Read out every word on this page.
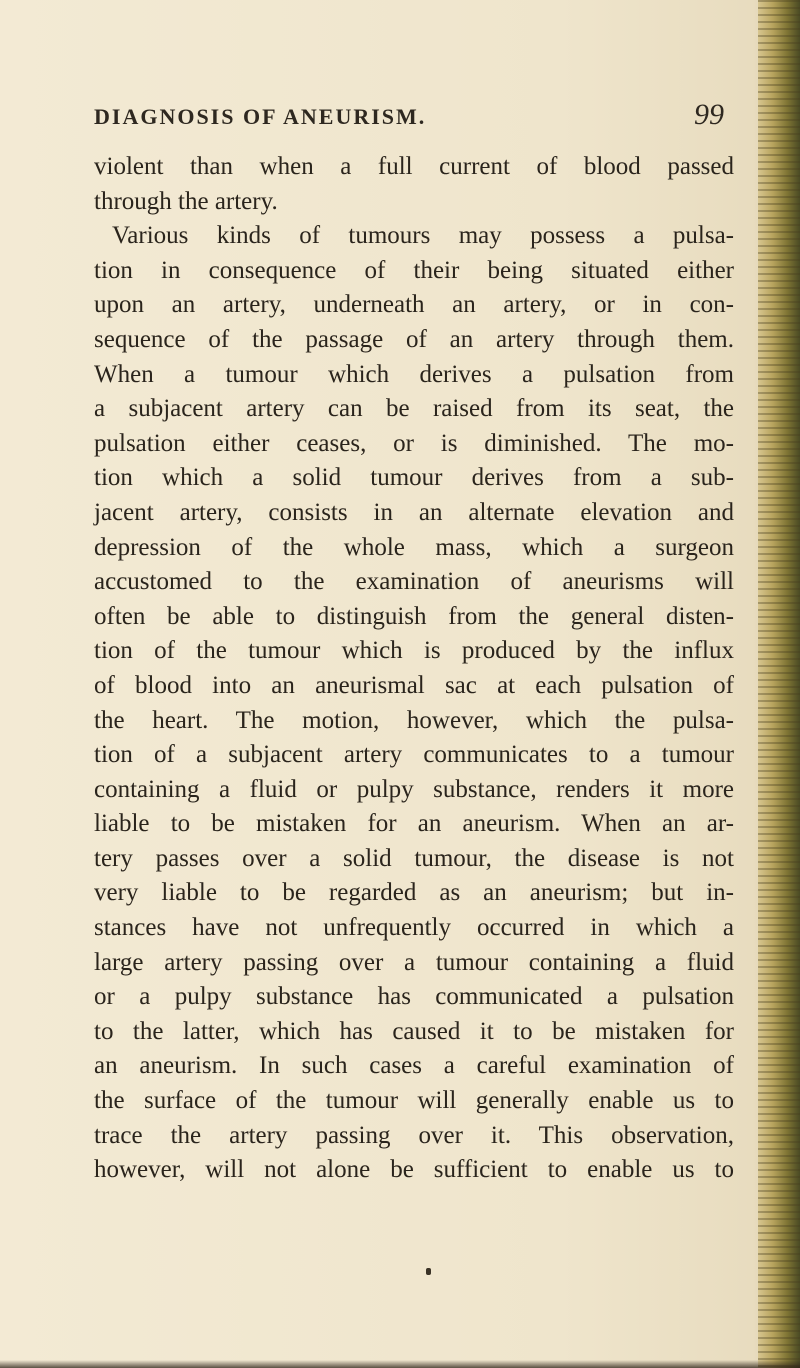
DIAGNOSIS OF ANEURISM.	99
violent than when a full current of blood passed
through the artery.
Various kinds of tumours may possess a pulsa-
tion in consequence of their being situated either
upon an artery, underneath an artery, or in con-
sequence of the passage of an artery through them.
When a tumour which derives a pulsation from
a subjacent artery can be raised from its seat, the
pulsation either ceases, or is diminished. The mo-
tion which a solid tumour derives from a sub-
jacent artery, consists in an alternate elevation and
depression of the whole mass, which a surgeon
accustomed to the examination of aneurisms will
often be able to distinguish from the general disten-
tion of the tumour which is produced by the influx
of blood into an aneurismal sac at each pulsation of
the heart. The motion, however, which the pulsa-
tion of a subjacent artery communicates to a tumour
containing a fluid or pulpy substance, renders it more
liable to be mistaken for an aneurism. When an ar-
tery passes over a solid tumour, the disease is not
very liable to be regarded as an aneurism; but in-
stances have not unfrequently occurred in which a
large artery passing over a tumour containing a fluid
or a pulpy substance has communicated a pulsation
to the latter, which has caused it to be mistaken for
an aneurism. In such cases a careful examination of
the surface of the tumour will generally enable us to
trace the artery passing over it. This observation,
however, will not alone be sufficient to enable us to
